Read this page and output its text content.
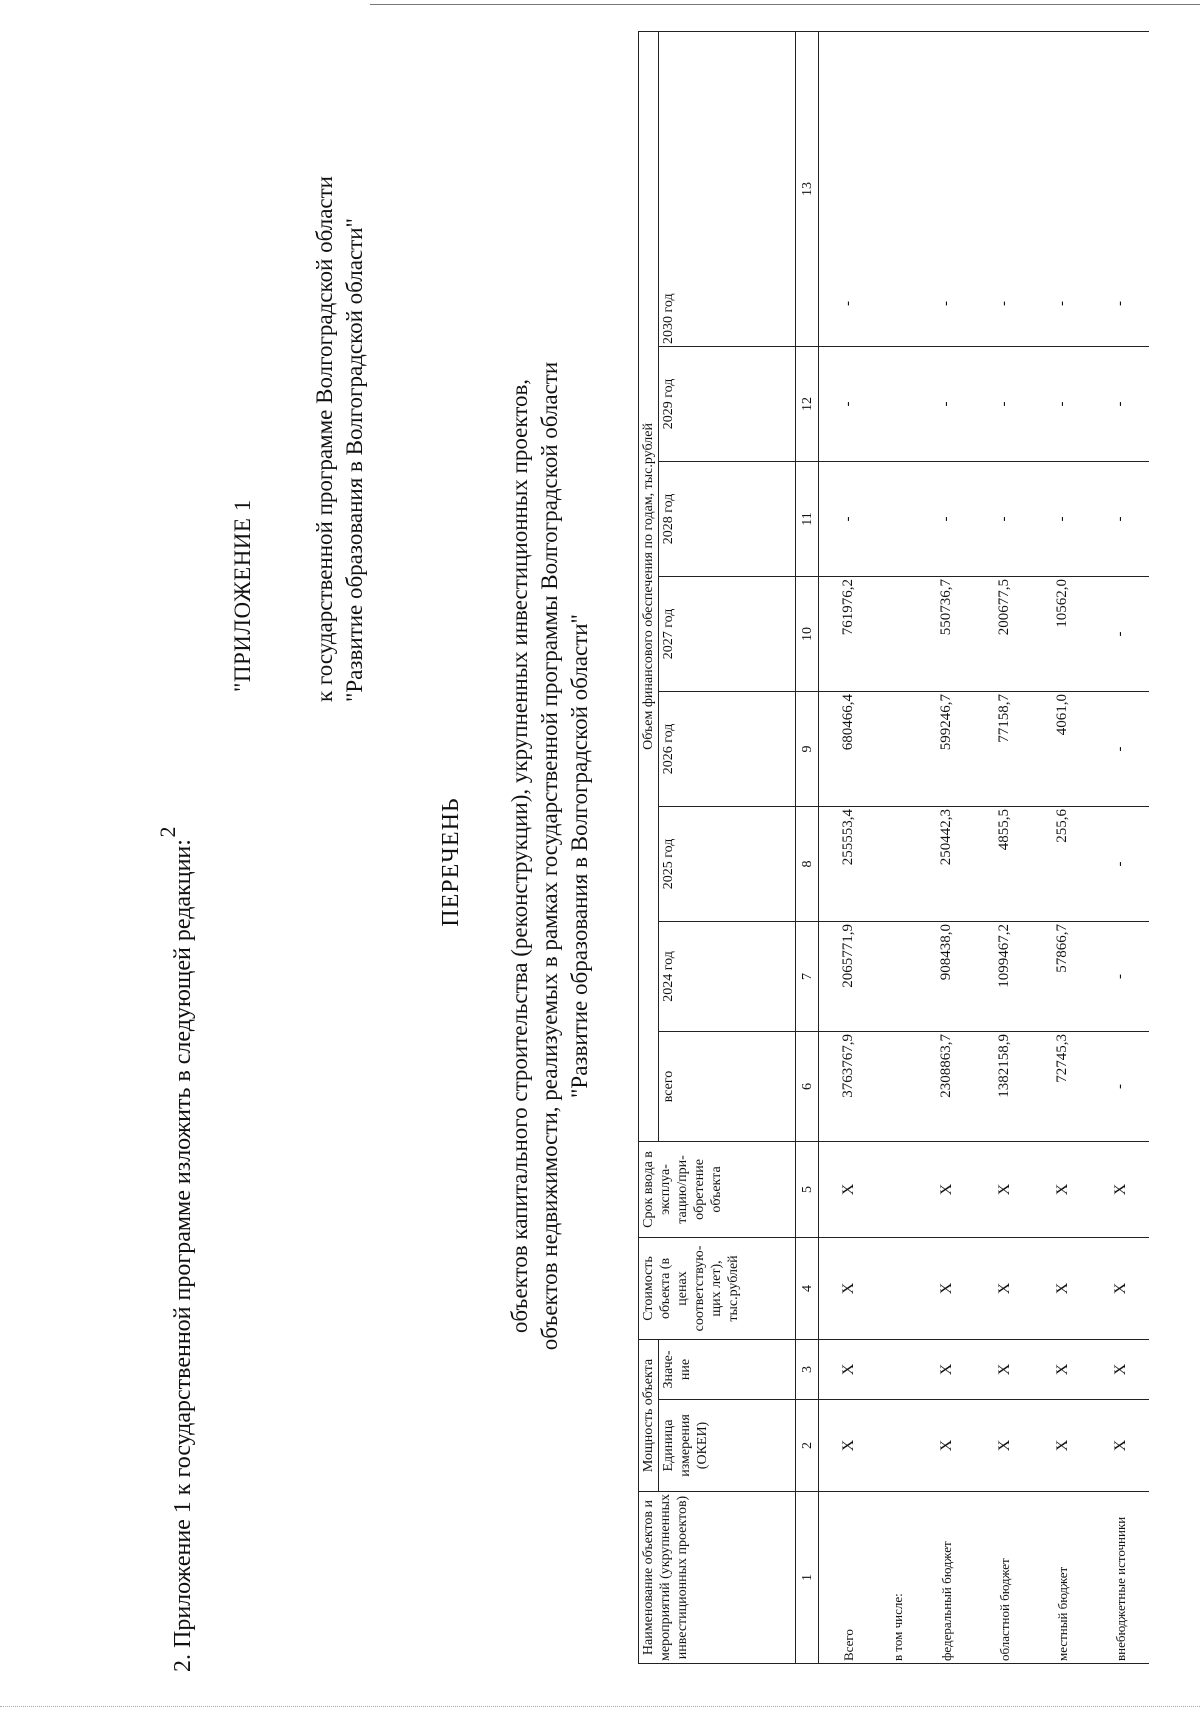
2
2. Приложение 1 к государственной программе изложить в следующей редакции:
"ПРИЛОЖЕНИЕ 1 к государственной программе Волгоградской области "Развитие образования в Волгоградской области"
ПЕРЕЧЕНЬ объектов капитального строительства (реконструкции), укрупненных инвестиционных проектов, объектов недвижимости, реализуемых в рамках государственной программы Волгоградской области "Развитие образования в Волгоградской области"
Наименование объектов и мероприятий (укрупненных инвестиционных проектов)	Мощность объекта		Стоимость объекта (в ценах соответствую-щих лет), тыс.рублей	Срок ввода в эксплуа-тацию/при-обретение объекта	Объем финансового обеспечения по годам, тыс.рублей							
	Единица измерения (ОКЕИ)	Значе-ние			всего	2024 год	2025 год	2026 год	2027 год	2028 год	2029 год	2030 год
1	2	3	4	5	6	7	8	9	10	11	12	13
Всего	X	X	X	X	3763767,9	2065771,9	255553,4	680466,4	761976,2	-	-	-
в том числе:												
федеральный бюджет	X	X	X	X	2308863,7	908438,0	250442,3	599246,7	550736,7	-	-	-
областной бюджет	X	X	X	X	1382158,9	1099467,2	4855,5	77158,7	200677,5	-	-	-
местный бюджет	X	X	X	X	72745,3	57866,7	255,6	4061,0	10562,0	-	-	-
внебюджетные источники	X	X	X	X	-	-	-	-	-	-	-	-
